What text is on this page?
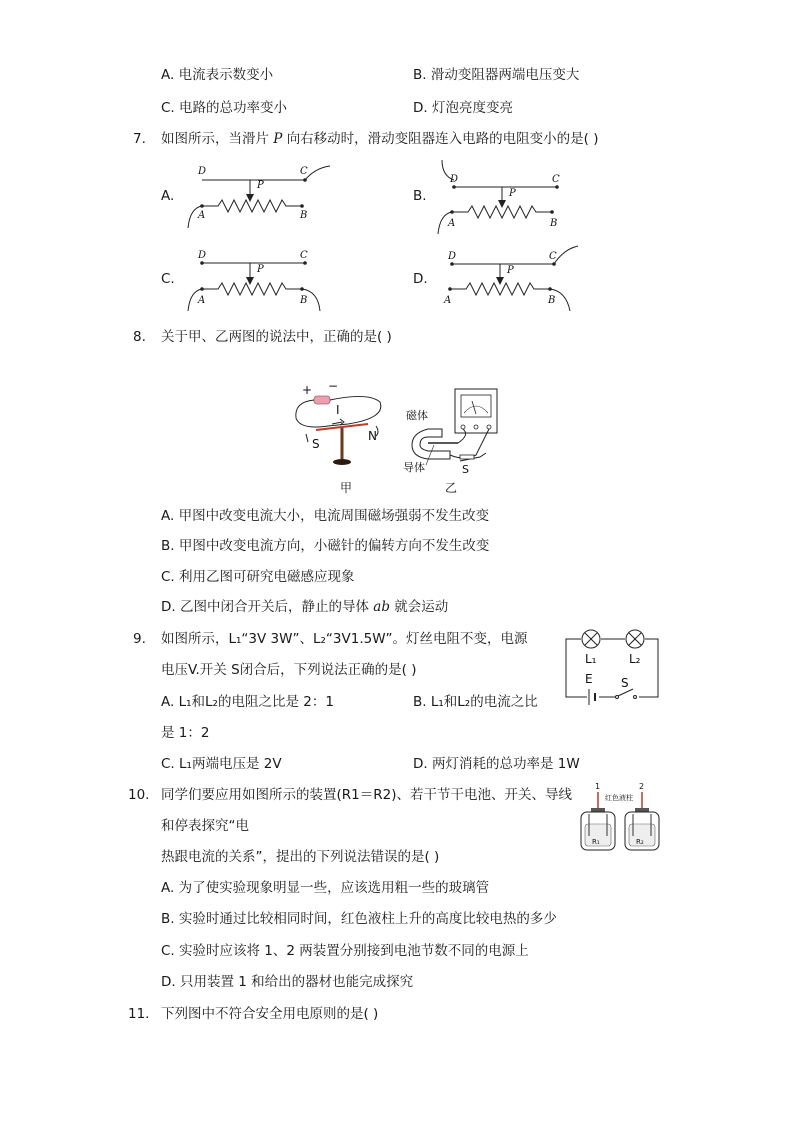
A. 电流表示数变小	B. 滑动变阻器两端电压变大
C. 电路的总功率变小	D. 灯泡亮度变亮
7. 如图所示，当滑片 P 向右移动时，滑动变阻器连入电路的电阻变小的是( )
A.	B.
C.	D.
D	C
P
A	B
D	C
P
A	B
D	C
P
A	B
D	C
P
A	B
8. 关于甲、乙两图的说法中，正确的是( )
+ −
I
S
N
甲
磁体
导体	S
乙
A. 甲图中改变电流大小，电流周围磁场强弱不发生改变
B. 甲图中改变电流方向，小磁针的偏转方向不发生改变
C. 利用乙图可研究电磁感应现象
D. 乙图中闭合开关后，静止的导体 ab 就会运动
9. 如图所示，L₁“3V 3W”、L₂“3V1.5W”。灯丝电阻不变，电源
电压V.开关 S闭合后，下列说法正确的是( )
A. L₁和L₂的电阻之比是 2：1	B. L₁和L₂的电流之比
是 1：2
C. L₁两端电压是 2V	D. 两灯消耗的总功率是 1W
L₁	L₂
E S
10. 同学们要应用如图所示的装置(R1＝R2)、若干节干电池、开关、导线
和停表探究“电
热跟电流的关系”，提出的下列说法错误的是( )
A. 为了使实验现象明显一些，应该选用粗一些的玻璃管
B. 实验时通过比较相同时间，红色液柱上升的高度比较电热的多少
C. 实验时应该将 1、2 两装置分别接到电池节数不同的电源上
D. 只用装置 1 和给出的器材也能完成探究
1	2
红色液柱
R₁	R₂
11. 下列图中不符合安全用电原则的是( )
